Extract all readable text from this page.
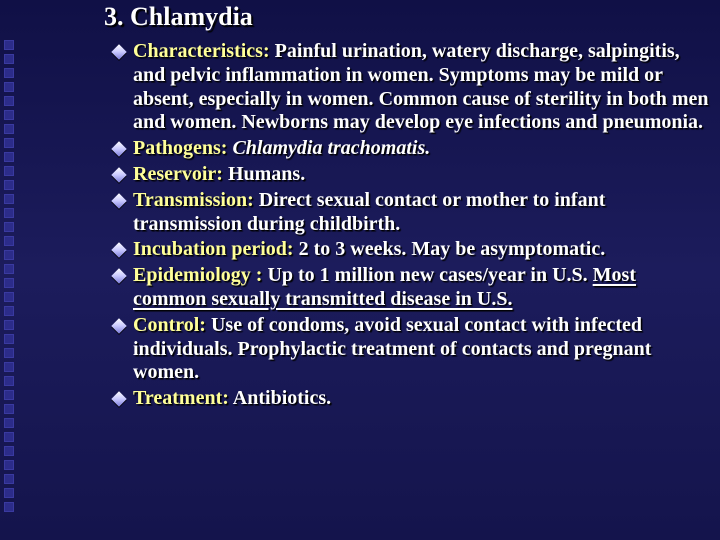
3. Chlamydia
Characteristics: Painful urination, watery discharge, salpingitis, and pelvic inflammation in women. Symptoms may be mild or absent, especially in women. Common cause of sterility in both men and women. Newborns may develop eye infections and pneumonia.
Pathogens: Chlamydia trachomatis.
Reservoir: Humans.
Transmission: Direct sexual contact or mother to infant transmission during childbirth.
Incubation period: 2 to 3 weeks. May be asymptomatic.
Epidemiology : Up to 1 million new cases/year in U.S. Most common sexually transmitted disease in U.S.
Control: Use of condoms, avoid sexual contact with infected individuals. Prophylactic treatment of contacts and pregnant women.
Treatment: Antibiotics.
